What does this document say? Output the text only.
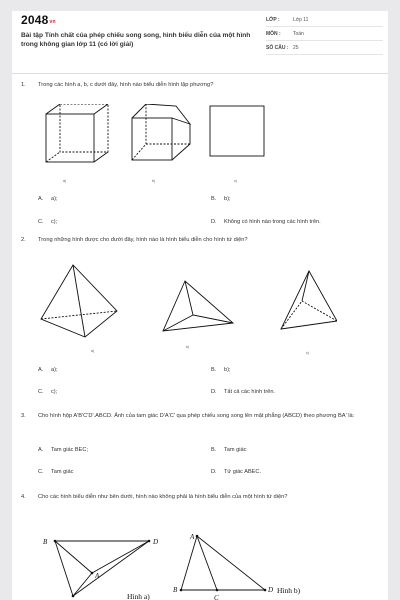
2048vn
Bài tập Tính chất của phép chiếu song song, hình biểu diễn của một hình trong không gian lớp 11 (có lời giải)
LỚP :	Lớp 11
MÔN : Toán
SỐ CÂU : 25
1. Trong các hình a, b, c dưới đây, hình nào biểu diễn hình lập phương?
a)	b)	c)
A. a);	B. b);
C. c);	D. Không có hình nào trong các hình trên.
2. Trong những hình được cho dưới đây, hình nào là hình biểu diễn cho hình tứ diện?
a)
b)
c)
A. a);	B. b);
C. c);	D. Tất cả các hình trên.
3. Cho hình hộp A'B'C'D'.ABCD. Ảnh của tam giác D'A'C' qua phép chiếu song song lên mặt phẳng (ABCD) theo phương BA' là:
A. Tam giác BEC;	B. Tam giác
C. Tam giác	D. Tứ giác ABEC.
4. Cho các hình biểu diễn như bên dưới, hình nào không phải là hình biểu diễn của một hình tứ diện?
B	D
A
A
B
C
D
Hình a)
Hình b)
